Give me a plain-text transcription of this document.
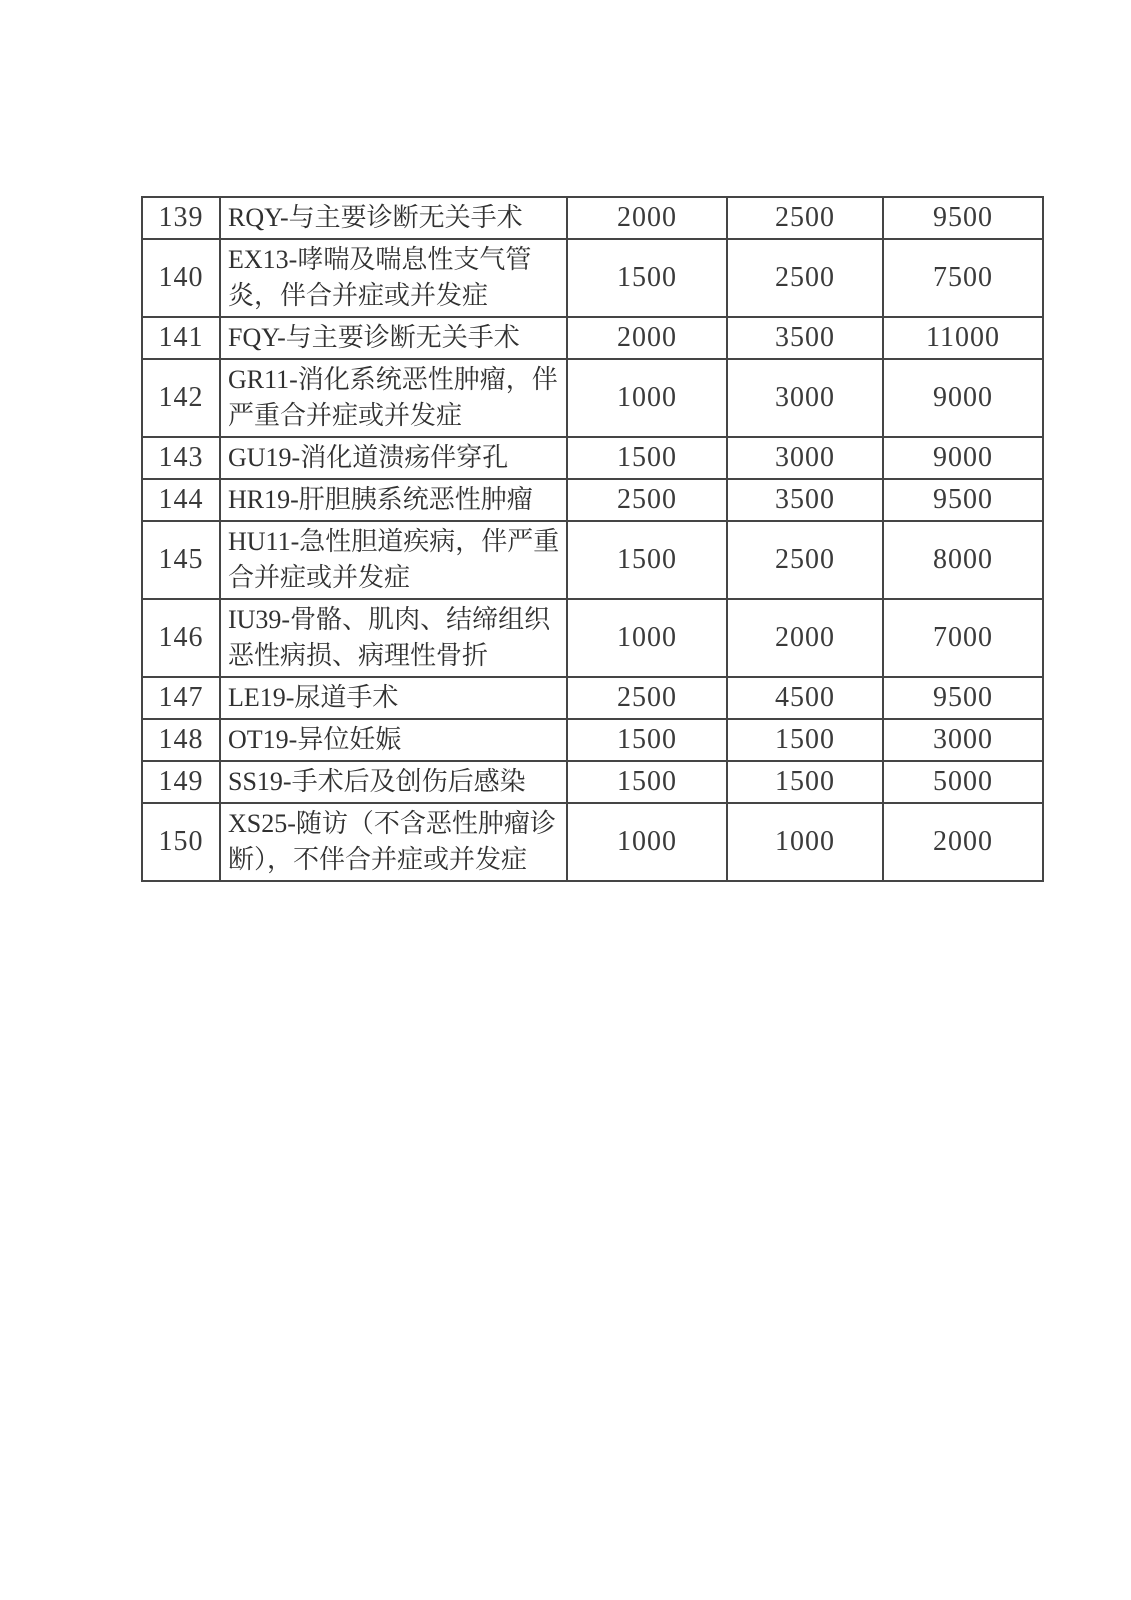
139	RQY-与主要诊断无关手术	2000	2500	9500
140	EX13-哮喘及喘息性支气管炎，伴合并症或并发症	1500	2500	7500
141	FQY-与主要诊断无关手术	2000	3500	11000
142	GR11-消化系统恶性肿瘤，伴严重合并症或并发症	1000	3000	9000
143	GU19-消化道溃疡伴穿孔	1500	3000	9000
144	HR19-肝胆胰系统恶性肿瘤	2500	3500	9500
145	HU11-急性胆道疾病，伴严重合并症或并发症	1500	2500	8000
146	IU39-骨骼、肌肉、结缔组织恶性病损、病理性骨折	1000	2000	7000
147	LE19-尿道手术	2500	4500	9500
148	OT19-异位妊娠	1500	1500	3000
149	SS19-手术后及创伤后感染	1500	1500	5000
150	XS25-随访（不含恶性肿瘤诊断），不伴合并症或并发症	1000	1000	2000
